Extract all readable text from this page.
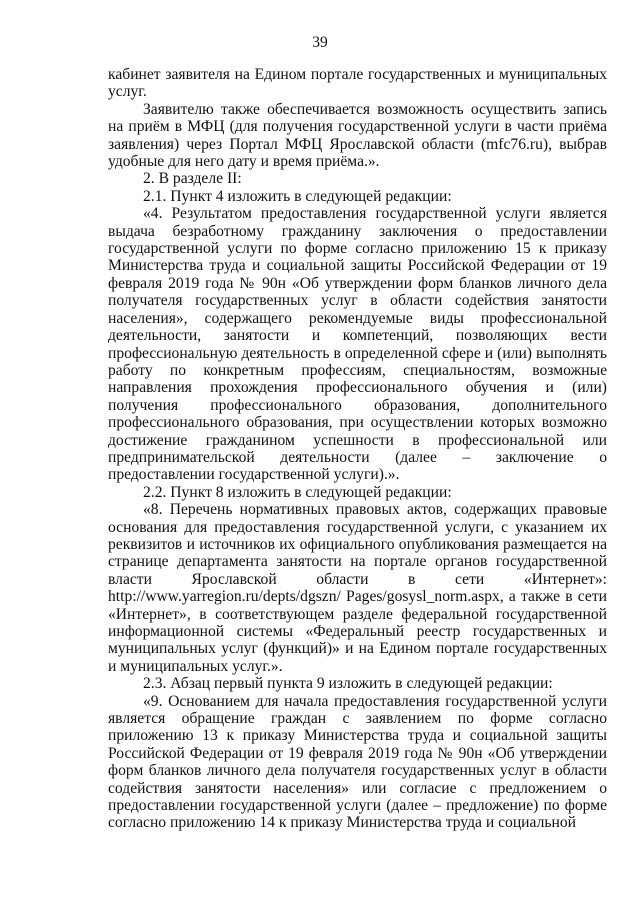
39

кабинет заявителя на Едином портале государственных и муниципальных услуг.

Заявителю также обеспечивается возможность осуществить запись на приём в МФЦ (для получения государственной услуги в части приёма заявления) через Портал МФЦ Ярославской области (mfc76.ru), выбрав удобные для него дату и время приёма.».

2. В разделе II:

2.1. Пункт 4 изложить в следующей редакции:

«4. Результатом предоставления государственной услуги является выдача безработному гражданину заключения о предоставлении государственной услуги по форме согласно приложению 15 к приказу Министерства труда и социальной защиты Российской Федерации от 19 февраля 2019 года № 90н «Об утверждении форм бланков личного дела получателя государственных услуг в области содействия занятости населения», содержащего рекомендуемые виды профессиональной деятельности, занятости и компетенций, позволяющих вести профессиональную деятельность в определенной сфере и (или) выполнять работу по конкретным профессиям, специальностям, возможные направления прохождения профессионального обучения и (или) получения профессионального образования, дополнительного профессионального образования, при осуществлении которых возможно достижение гражданином успешности в профессиональной или предпринимательской деятельности (далее – заключение о предоставлении государственной услуги).».

2.2. Пункт 8 изложить в следующей редакции:

«8. Перечень нормативных правовых актов, содержащих правовые основания для предоставления государственной услуги, с указанием их реквизитов и источников их официального опубликования размещается на странице департамента занятости на портале органов государственной власти Ярославской области в сети «Интернет»: http://www.yarregion.ru/depts/dgszn/ Pages/gosysl_norm.aspx, а также в сети «Интернет», в соответствующем разделе федеральной государственной информационной системы «Федеральный реестр государственных и муниципальных услуг (функций)» и на Едином портале государственных и муниципальных услуг.».

2.3. Абзац первый пункта 9 изложить в следующей редакции:

«9. Основанием для начала предоставления государственной услуги является обращение граждан с заявлением по форме согласно приложению 13 к приказу Министерства труда и социальной защиты Российской Федерации от 19 февраля 2019 года № 90н «Об утверждении форм бланков личного дела получателя государственных услуг в области содействия занятости населения» или согласие с предложением о предоставлении государственной услуги (далее – предложение) по форме согласно приложению 14 к приказу Министерства труда и социальной
